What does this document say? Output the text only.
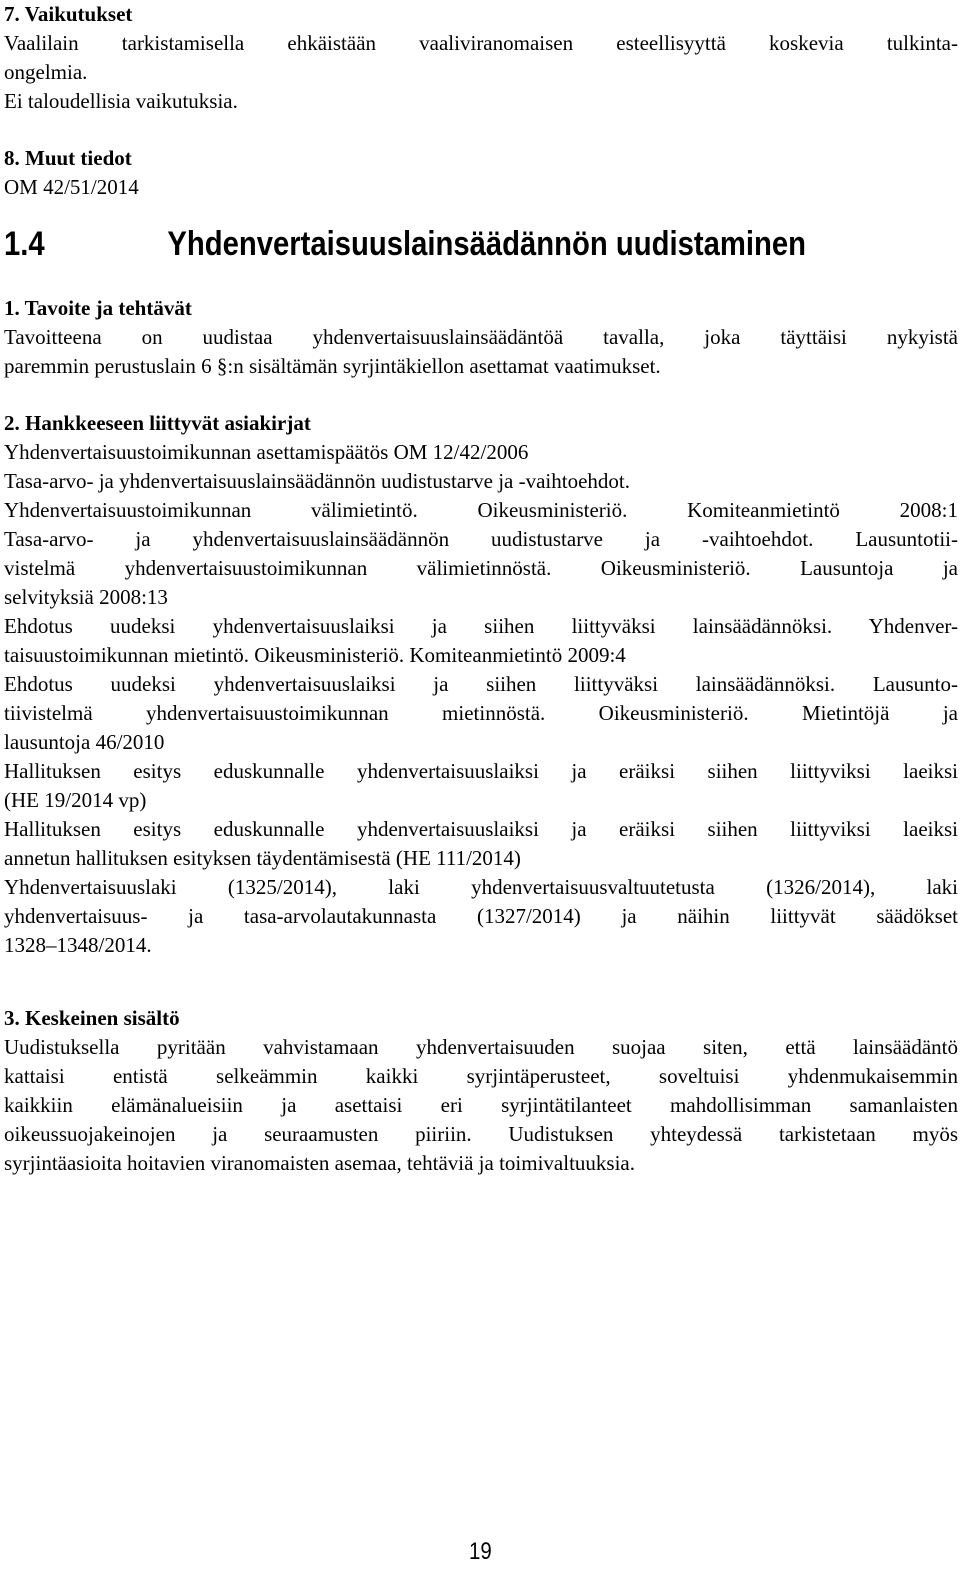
7. Vaikutukset
Vaalilain tarkistamisella ehkäistään vaaliviranomaisen esteellisyyttä koskevia tulkinta-
ongelmia.
Ei taloudellisia vaikutuksia.
8. Muut tiedot
OM 42/51/2014
1.4	Yhdenvertaisuuslainsäädännön uudistaminen
1. Tavoite ja tehtävät
Tavoitteena on uudistaa yhdenvertaisuuslainsäädäntöä tavalla, joka täyttäisi nykyistä
paremmin perustuslain 6 §:n sisältämän syrjintäkiellon asettamat vaatimukset.
2. Hankkeeseen liittyvät asiakirjat
Yhdenvertaisuustoimikunnan asettamispäätös OM 12/42/2006
Tasa-arvo- ja yhdenvertaisuuslainsäädännön uudistustarve ja -vaihtoehdot.
Yhdenvertaisuustoimikunnan välimietintö. Oikeusministeriö. Komiteanmietintö 2008:1
Tasa-arvo- ja yhdenvertaisuuslainsäädännön uudistustarve ja -vaihtoehdot. Lausuntotii-
vistelmä yhdenvertaisuustoimikunnan välimietinnöstä. Oikeusministeriö. Lausuntoja ja
selvityksiä 2008:13
Ehdotus uudeksi yhdenvertaisuuslaiksi ja siihen liittyväksi lainsäädännöksi. Yhdenver-
taisuustoimikunnan mietintö. Oikeusministeriö. Komiteanmietintö 2009:4
Ehdotus uudeksi yhdenvertaisuuslaiksi ja siihen liittyväksi lainsäädännöksi. Lausunto-
tiivistelmä yhdenvertaisuustoimikunnan mietinnöstä. Oikeusministeriö. Mietintöjä ja
lausuntoja 46/2010
Hallituksen esitys eduskunnalle yhdenvertaisuuslaiksi ja eräiksi siihen liittyviksi laeiksi
(HE 19/2014 vp)
Hallituksen esitys eduskunnalle yhdenvertaisuuslaiksi ja eräiksi siihen liittyviksi laeiksi
annetun hallituksen esityksen täydentämisestä (HE 111/2014)
Yhdenvertaisuuslaki (1325/2014), laki yhdenvertaisuusvaltuutetusta (1326/2014), laki
yhdenvertaisuus- ja tasa-arvolautakunnasta (1327/2014) ja näihin liittyvät säädökset
1328–1348/2014.
3. Keskeinen sisältö
Uudistuksella pyritään vahvistamaan yhdenvertaisuuden suojaa siten, että lainsäädäntö
kattaisi entistä selkeämmin kaikki syrjintäperusteet, soveltuisi yhdenmukaisemmin
kaikkiin elämänalueisiin ja asettaisi eri syrjintätilanteet mahdollisimman samanlaisten
oikeussuojakeinojen ja seuraamusten piiriin. Uudistuksen yhteydessä tarkistetaan myös
syrjintäasioita hoitavien viranomaisten asemaa, tehtäviä ja toimivaltuuksia.
19
